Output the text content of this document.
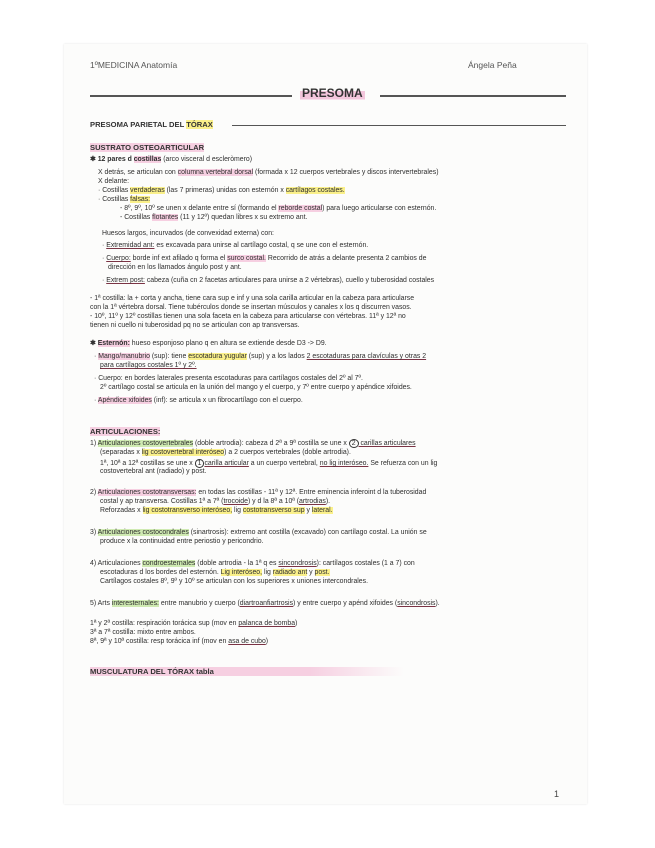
1ºMEDICINA Anatomía	Ángela Peña
PRESOMA
PRESOMA PARIETAL DEL TÓRAX
SUSTRATO OSTEOARTICULAR
✱ 12 pares d costillas (arco visceral d escleròmero)
X detrás, se articulan con columna vertebral dorsal (formada x 12 cuerpos vertebrales y discos intervertebrales)
X delante:
· Costillas verdaderas (las 7 primeras) unidas con esternón x cartílagos costales.
· Costillas falsas:
- 8º, 9º, 10º se unen x delante entre sí (formando el reborde costal) para luego articularse con esternón.
- Costillas flotantes (11 y 12º) quedan libres x su extremo ant.
Huesos largos, incurvados (de convexidad externa) con:
· Extremidad ant: es excavada para unirse al cartílago costal, q se une con el esternón.
· Cuerpo: borde inf ext afilado q forma el surco costal. Recorrido de atrás a delante presenta 2 cambios de
dirección en los llamados ángulo post y ant.
· Extrem post: cabeza (cuña cn 2 facetas articulares para unirse a 2 vértebras), cuello y tuberosidad costales
- 1ª costilla: la + corta y ancha, tiene cara sup e inf y una sola carilla articular en la cabeza para articularse
con la 1ª vértebra dorsal. Tiene tubérculos donde se insertan músculos y canales x los q discurren vasos.
- 10º, 11º y 12º costillas tienen una sola faceta en la cabeza para articularse con vértebras. 11ª y 12ª no
tienen ni cuello ni tuberosidad pq no se articulan con ap transversas.
✱ Esternón: hueso esponjoso plano q en altura se extiende desde D3 -> D9.
· Mango/manubrio (sup): tiene escotadura yugular (sup) y a los lados 2 escotaduras para clavículas y otras 2
para cartílagos costales 1º y 2º.
· Cuerpo: en bordes laterales presenta escotaduras para cartílagos costales del 2º al 7º.
2º cartílago costal se articula en la unión del mango y el cuerpo, y 7º entre cuerpo y apéndice xifoides.
· Apéndice xifoides (inf): se articula x un fibrocartílago con el cuerpo.
ARTICULACIONES:
1) Articulaciones costovertebrales (doble artrodia): cabeza d 2ª a 9ª costilla se une x 2 carillas articulares
(separadas x lig costovertebral interóseo) a 2 cuerpos vertebrales (doble artrodia).
1ª, 10ª a 12ª costillas se une x 1 carilla articular a un cuerpo vertebral, no lig interóseo. Se refuerza con un lig
costovertebral ant (radiado) y post.
2) Articulaciones costotransversas: en todas las costillas - 11ª y 12ª. Entre eminencia inferoint d la tuberosidad
costal y ap transversa. Costillas 1ª a 7ª (trocoide) y d la 8ª a 10ª (artrodias).
Reforzadas x lig costotransverso interóseo, lig costotransverso sup y lateral.
3) Articulaciones costocondrales (sinartrosis): extremo ant costilla (excavado) con cartílago costal. La unión se
produce x la continuidad entre periostio y pericondrio.
4) Articulaciones condroesternales (doble artrodia - la 1ª q es sincondrosis): cartílagos costales (1 a 7) con
escotaduras d los bordes del esternón. Lig interóseo, lig radiado ant y post.
Cartílagos costales 8º, 9º y 10º se articulan con los superiores x uniones intercondrales.
5) Arts interesternales: entre manubrio y cuerpo (diartroanfiartrosis) y entre cuerpo y apénd xifoides (sincondrosis).
1ª y 2ª costilla: respiración torácica sup (mov en palanca de bomba)
3ª a 7ª costilla: mixto entre ambos.
8ª, 9ª y 10ª costilla: resp torácica inf (mov en asa de cubo)
MUSCULATURA DEL TÓRAX tabla
1
